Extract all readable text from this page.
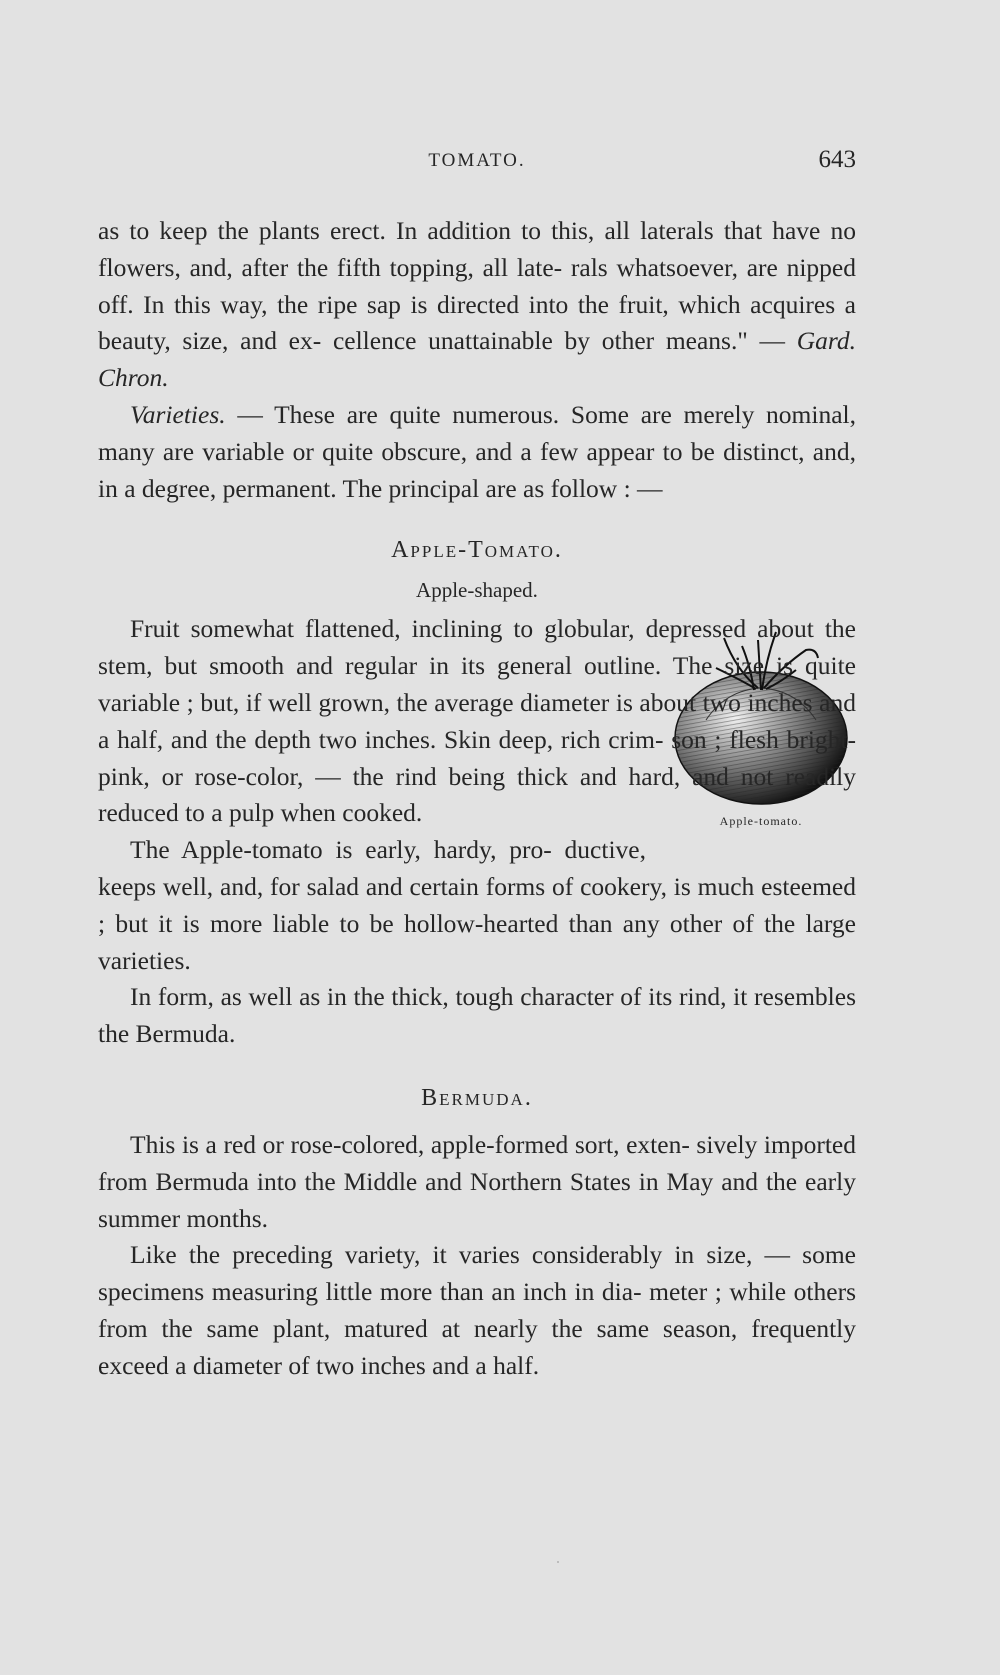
TOMATO.	643

as to keep the plants erect. In addition to this, all laterals that have no flowers, and, after the fifth topping, all late- rals whatsoever, are nipped off. In this way, the ripe sap is directed into the fruit, which acquires a beauty, size, and ex- cellence unattainable by other means." — Gard. Chron.

Varieties. — These are quite numerous. Some are merely nominal, many are variable or quite obscure, and a few appear to be distinct, and, in a degree, permanent. The principal are as follow : —

Apple-Tomato.
Apple-shaped.

Fruit somewhat flattened, inclining to globular, depressed about the stem, but smooth and regular in its general outline. The size is quite variable ; but, if well grown, the average diameter is about two inches and a half, and the depth two inches. Skin deep, rich crim- son ; flesh bright-pink, or rose-color, — the rind being thick and hard, and not readily reduced to a pulp when cooked.	Apple-tomato.

The Apple-tomato is early, hardy, pro- ductive, keeps well, and, for salad and certain forms of cookery, is much esteemed ; but it is more liable to be hollow-hearted than any other of the large varieties.

In form, as well as in the thick, tough character of its rind, it resembles the Bermuda.

Bermuda.

This is a red or rose-colored, apple-formed sort, exten- sively imported from Bermuda into the Middle and Northern States in May and the early summer months.

Like the preceding variety, it varies considerably in size, — some specimens measuring little more than an inch in dia- meter ; while others from the same plant, matured at nearly the same season, frequently exceed a diameter of two inches and a half.
